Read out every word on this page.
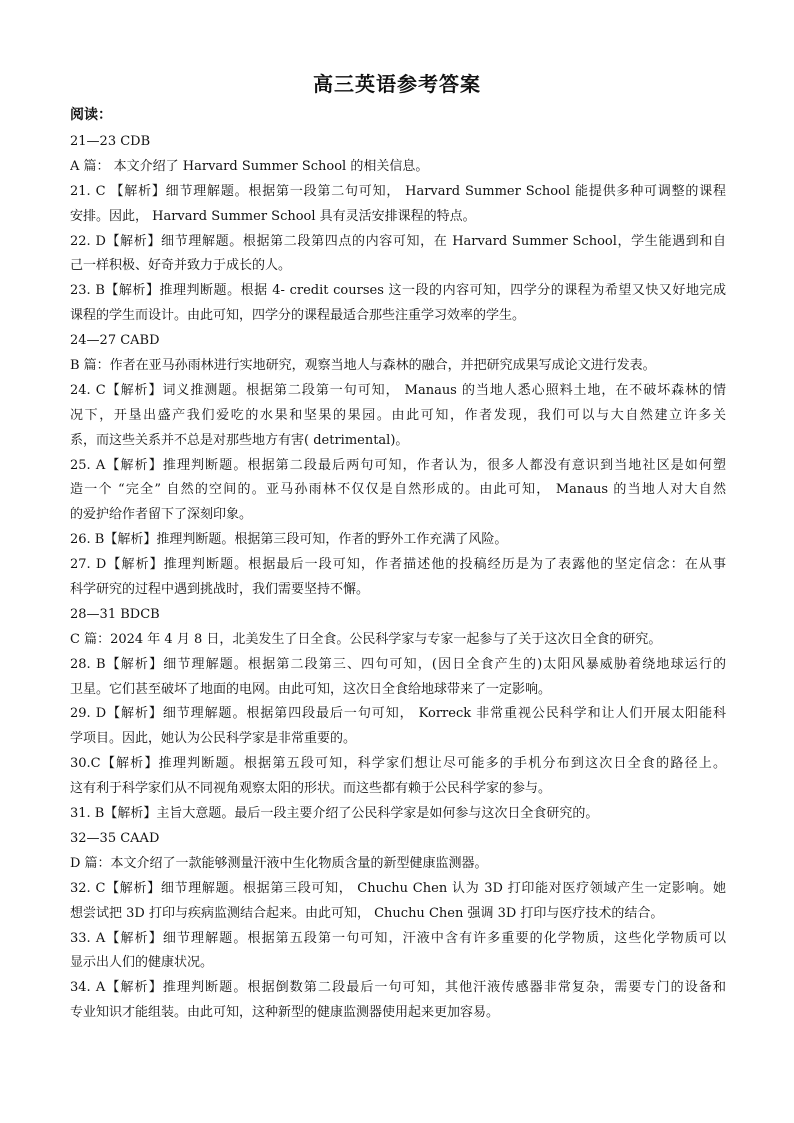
高三英语参考答案
阅读：
21—23 CDB
A 篇： 本文介绍了 Harvard Summer School 的相关信息。
21. C 【解析】细节理解题。根据第一段第二句可知， Harvard Summer School 能提供多种可调整的课程
安排。因此， Harvard Summer School 具有灵活安排课程的特点。
22. D【解析】细节理解题。根据第二段第四点的内容可知，在 Harvard Summer School，学生能遇到和自
己一样积极、好奇并致力于成长的人。
23. B【解析】推理判断题。根据 4- credit courses 这一段的内容可知，四学分的课程为希望又快又好地完成
课程的学生而设计。由此可知，四学分的课程最适合那些注重学习效率的学生。
24—27 CABD
B 篇：作者在亚马孙雨林进行实地研究，观察当地人与森林的融合，并把研究成果写成论文进行发表。
24. C【解析】词义推测题。根据第二段第一句可知， Manaus 的当地人悉心照料土地，在不破坏森林的情
况下，开垦出盛产我们爱吃的水果和坚果的果园。由此可知，作者发现，我们可以与大自然建立许多关
系，而这些关系并不总是对那些地方有害( detrimental)。
25. A【解析】推理判断题。根据第二段最后两句可知，作者认为，很多人都没有意识到当地社区是如何塑
造一个 “完全” 自然的空间的。亚马孙雨林不仅仅是自然形成的。由此可知， Manaus 的当地人对大自然
的爱护给作者留下了深刻印象。
26. B【解析】推理判断题。根据第三段可知，作者的野外工作充满了风险。
27. D【解析】推理判断题。根据最后一段可知，作者描述他的投稿经历是为了表露他的坚定信念：在从事
科学研究的过程中遇到挑战时，我们需要坚持不懈。
28—31 BDCB
C 篇：2024 年 4 月 8 日，北美发生了日全食。公民科学家与专家一起参与了关于这次日全食的研究。
28. B【解析】细节理解题。根据第二段第三、四句可知，(因日全食产生的)太阳风暴威胁着绕地球运行的
卫星。它们甚至破坏了地面的电网。由此可知，这次日全食给地球带来了一定影响。
29. D【解析】细节理解题。根据第四段最后一句可知， Korreck 非常重视公民科学和让人们开展太阳能科
学项目。因此，她认为公民科学家是非常重要的。
30.C【解析】推理判断题。根据第五段可知，科学家们想让尽可能多的手机分布到这次日全食的路径上。
这有利于科学家们从不同视角观察太阳的形状。而这些都有赖于公民科学家的参与。
31. B【解析】主旨大意题。最后一段主要介绍了公民科学家是如何参与这次日全食研究的。
32—35 CAAD
D 篇：本文介绍了一款能够测量汗液中生化物质含量的新型健康监测器。
32. C【解析】细节理解题。根据第三段可知， Chuchu Chen 认为 3D 打印能对医疗领域产生一定影响。她
想尝试把 3D 打印与疾病监测结合起来。由此可知， Chuchu Chen 强调 3D 打印与医疗技术的结合。
33. A【解析】细节理解题。根据第五段第一句可知，汗液中含有许多重要的化学物质，这些化学物质可以
显示出人们的健康状况。
34. A【解析】推理判断题。根据倒数第二段最后一句可知，其他汗液传感器非常复杂，需要专门的设备和
专业知识才能组装。由此可知，这种新型的健康监测器使用起来更加容易。
